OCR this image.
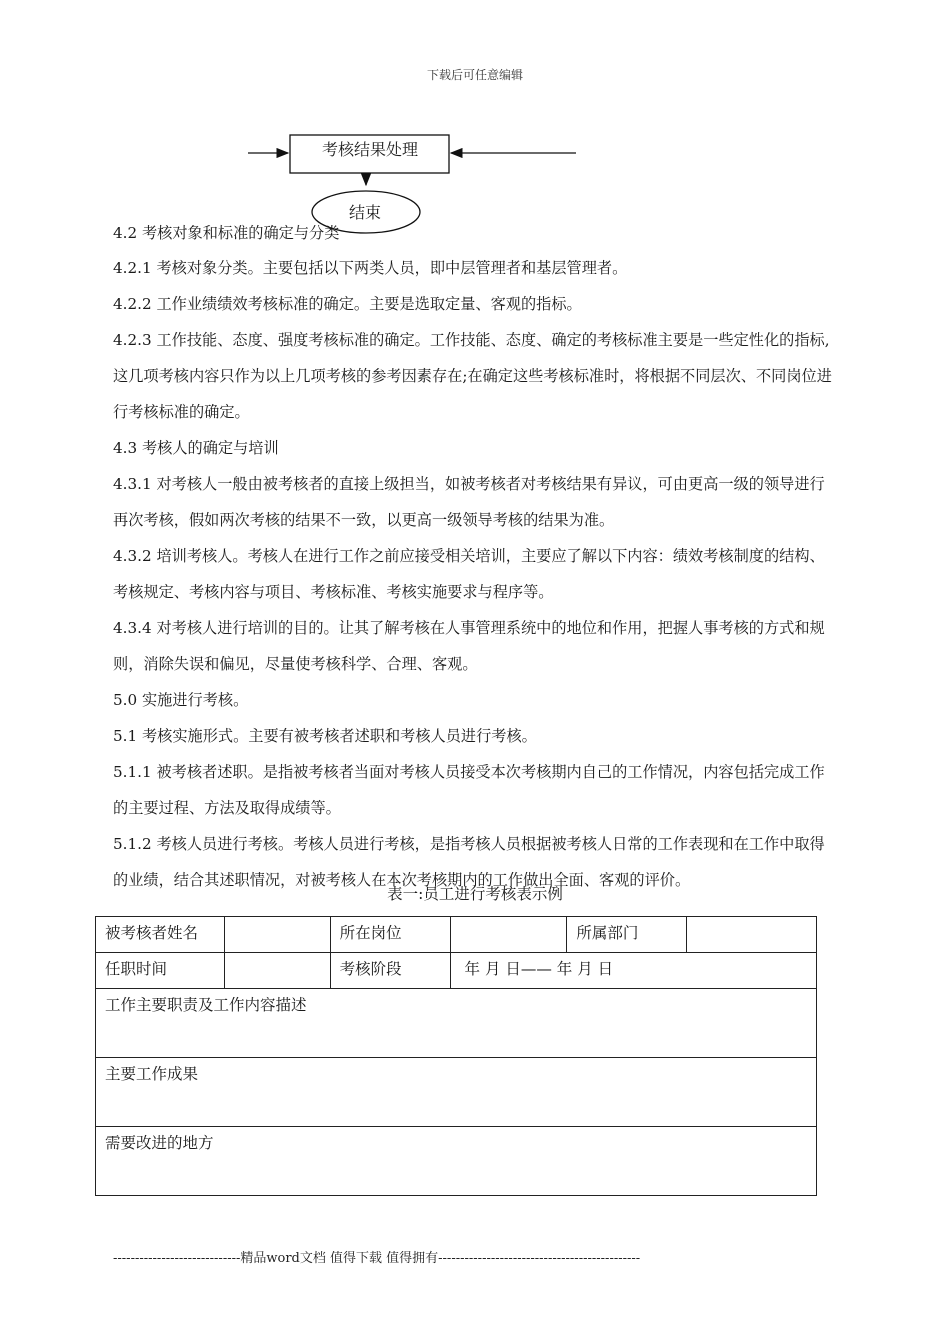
下载后可任意编辑
考核结果处理
结束

4.2 考核对象和标准的确定与分类

4.2.1 考核对象分类。主要包括以下两类人员，即中层管理者和基层管理者。

4.2.2 工作业绩绩效考核标准的确定。主要是选取定量、客观的指标。

4.2.3 工作技能、态度、强度考核标准的确定。工作技能、态度、确定的考核标准主要是一些定性化的指标,这几项考核内容只作为以上几项考核的参考因素存在;在确定这些考核标准时，将根据不同层次、不同岗位进行考核标准的确定。

4.3 考核人的确定与培训

4.3.1 对考核人一般由被考核者的直接上级担当，如被考核者对考核结果有异议，可由更高一级的领导进行再次考核，假如两次考核的结果不一致，以更高一级领导考核的结果为准。

4.3.2 培训考核人。考核人在进行工作之前应接受相关培训，主要应了解以下内容：绩效考核制度的结构、考核规定、考核内容与项目、考核标准、考核实施要求与程序等。

4.3.4 对考核人进行培训的目的。让其了解考核在人事管理系统中的地位和作用，把握人事考核的方式和规则，消除失误和偏见，尽量使考核科学、合理、客观。

5.0 实施进行考核。

5.1 考核实施形式。主要有被考核者述职和考核人员进行考核。

5.1.1 被考核者述职。是指被考核者当面对考核人员接受本次考核期内自己的工作情况，内容包括完成工作的主要过程、方法及取得成绩等。

5.1.2 考核人员进行考核。考核人员进行考核，是指考核人员根据被考核人日常的工作表现和在工作中取得的业绩，结合其述职情况，对被考核人在本次考核期内的工作做出全面、客观的评价。

表一:员工进行考核表示例
被考核者姓名		所在岗位		所属部门	
任职时间		考核阶段	年 月 日—— 年 月 日		
工作主要职责及工作内容描述					
主要工作成果					
需要改进的地方					
-----------------------------精品word文档 值得下载 值得拥有----------------------------------------------
